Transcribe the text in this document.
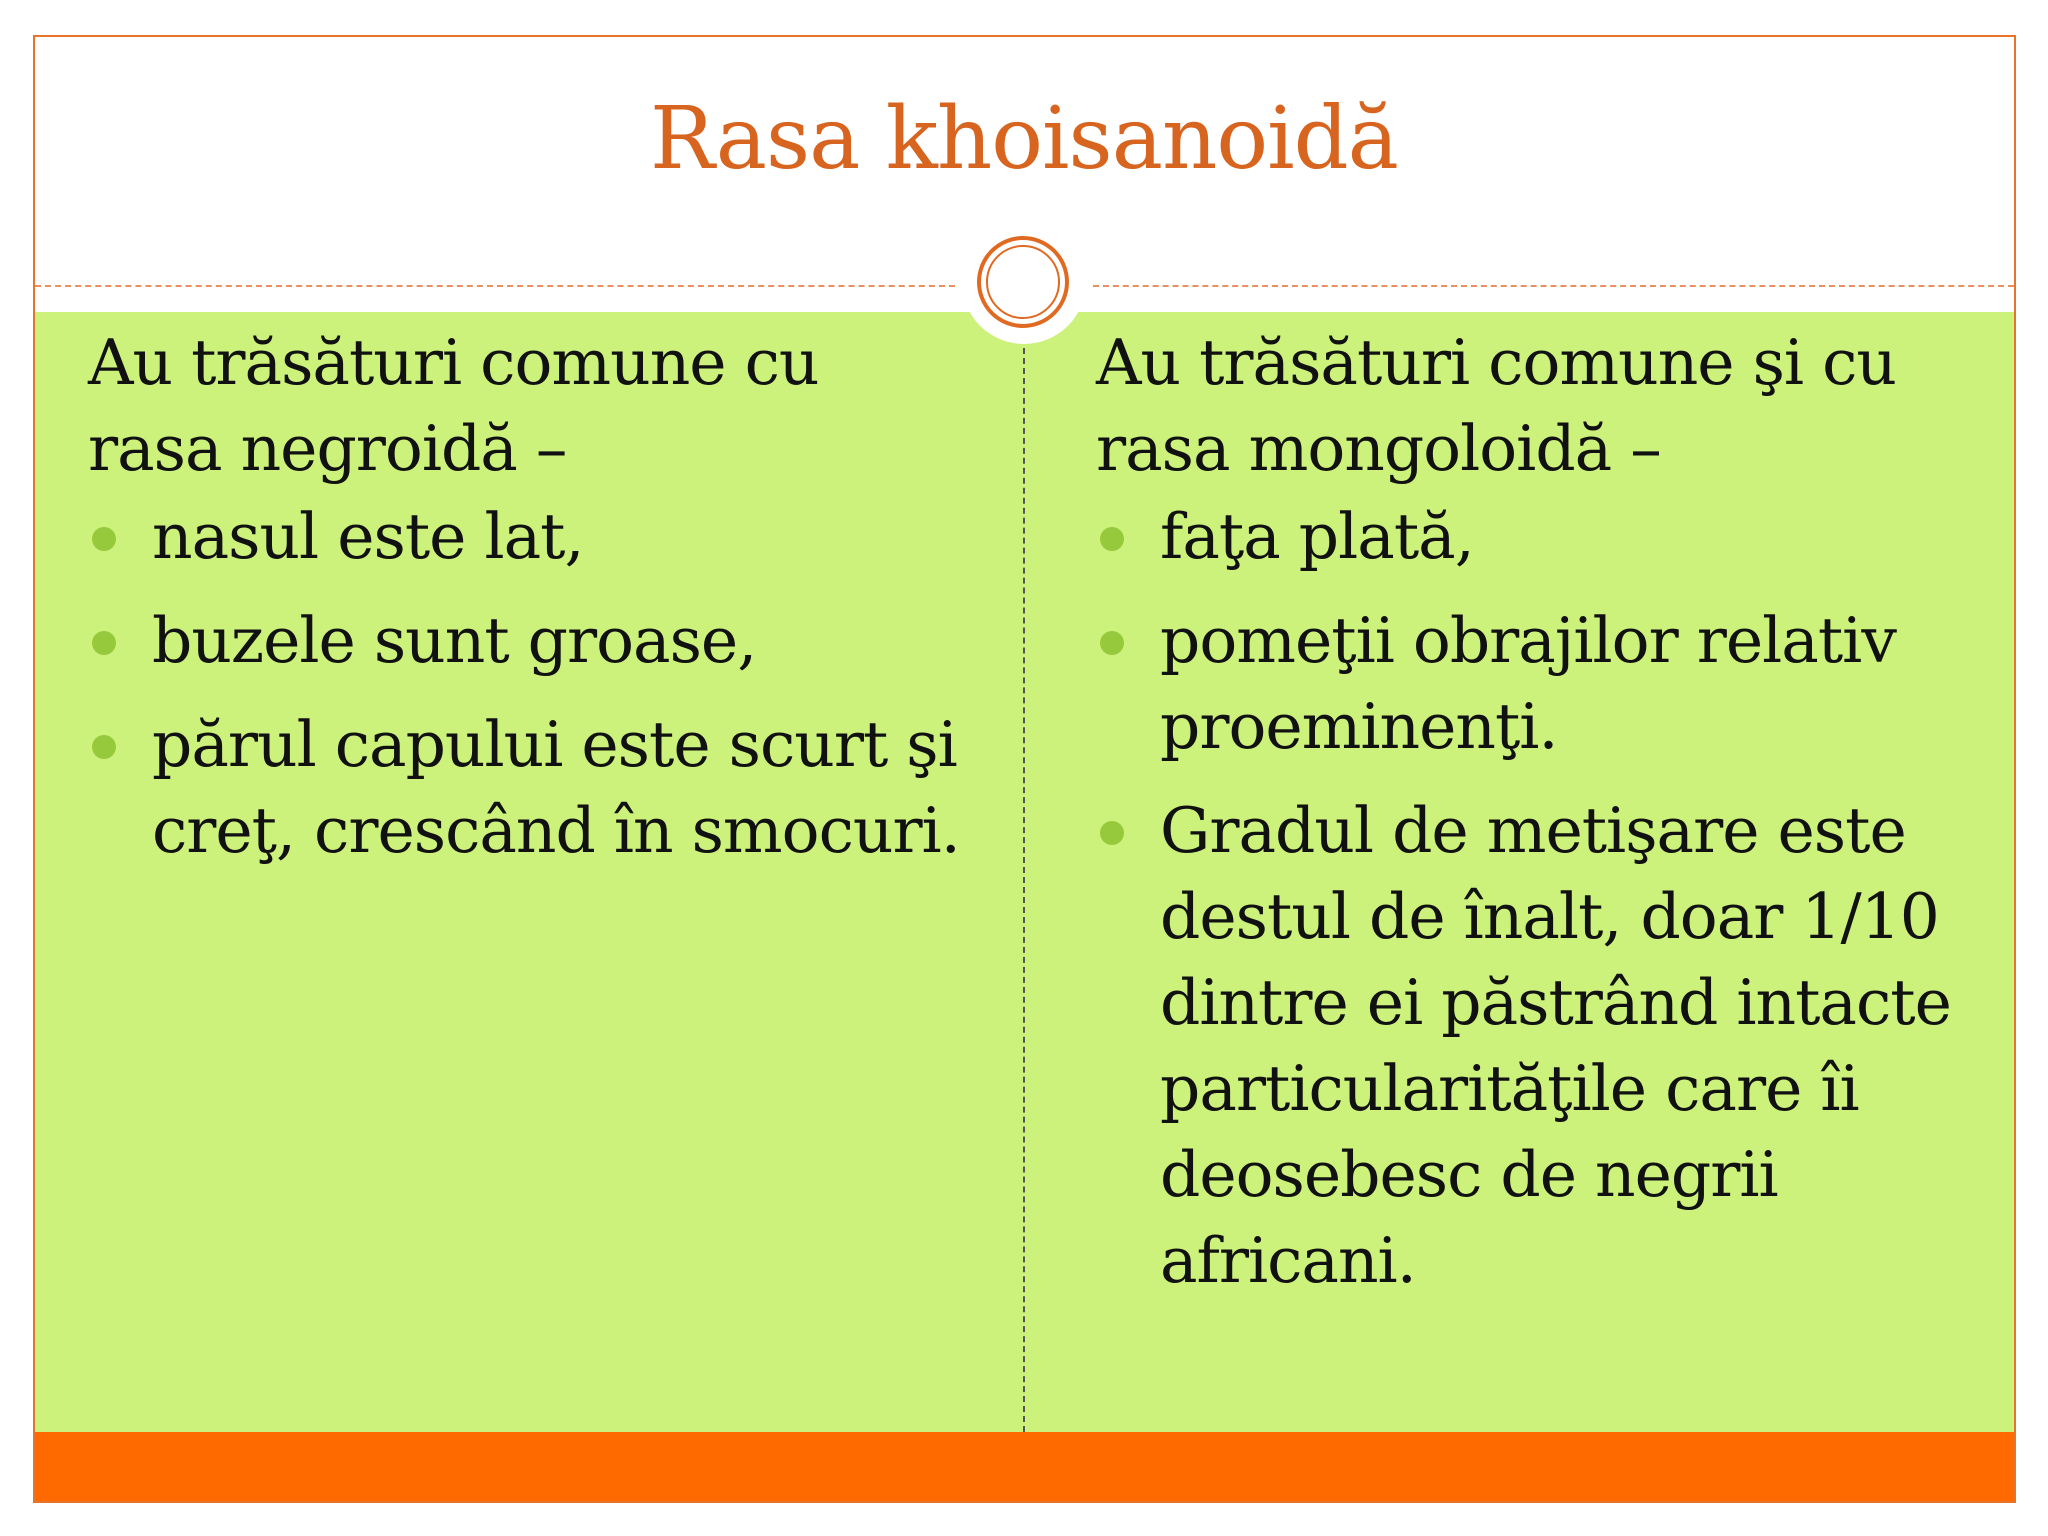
Rasa khoisanoidă

Au trăsături comune cu
rasa negroidă –

nasul este lat,
buzele sunt groase,
părul capului este scurt şi creţ, crescând în smocuri.

Au trăsături comune şi cu
rasa mongoloidă –

faţa plată,
pomeţii obrajilor relativ proeminenţi.
Gradul de metişare este destul de înalt, doar 1/10 dintre ei păstrând intacte particularităţile care îi deosebesc de negrii africani.
